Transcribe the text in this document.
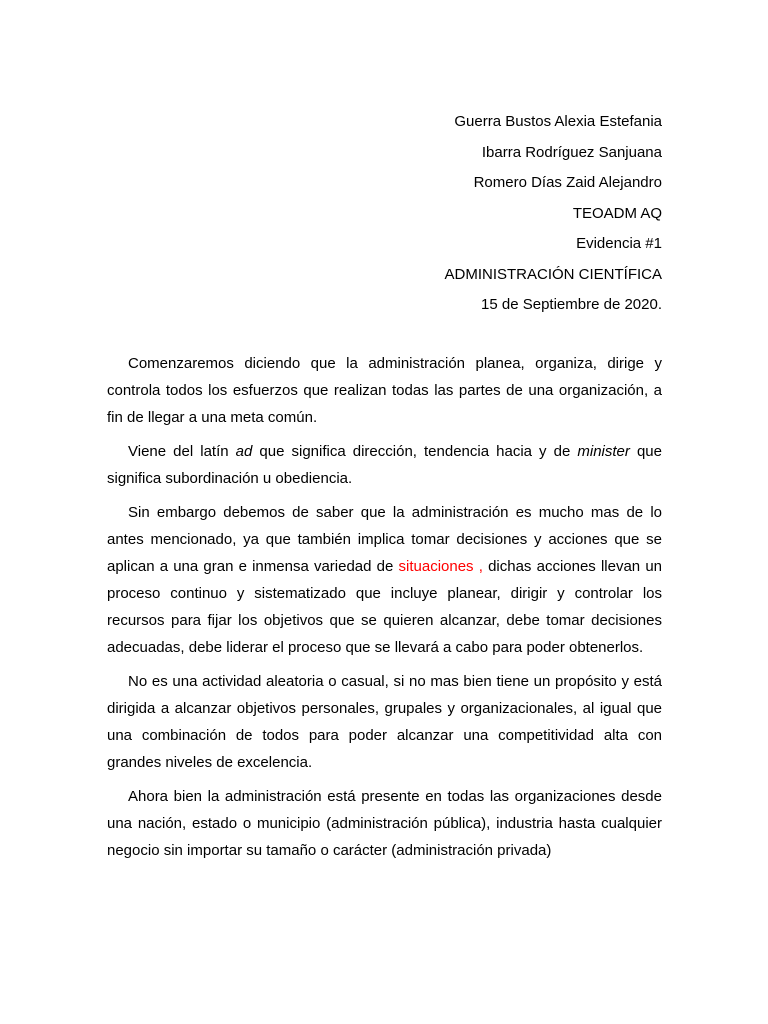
Guerra Bustos Alexia Estefania
Ibarra Rodríguez Sanjuana
Romero Días Zaid Alejandro
TEOADM AQ
Evidencia #1
ADMINISTRACIÓN CIENTÍFICA
15 de Septiembre de 2020.

Comenzaremos diciendo que la administración planea, organiza, dirige y controla todos los esfuerzos que realizan todas las partes de una organización, a fin de llegar a una meta común.

Viene del latín ad que significa dirección, tendencia hacia y de minister que significa subordinación u obediencia.

Sin embargo debemos de saber que la administración es mucho mas de lo antes mencionado, ya que también implica tomar decisiones y acciones que se aplican a una gran e inmensa variedad de situaciones , dichas acciones llevan un proceso continuo y sistematizado que incluye planear, dirigir y controlar los recursos para fijar los objetivos que se quieren alcanzar, debe tomar decisiones adecuadas, debe liderar el proceso que se llevará a cabo para poder obtenerlos.

No es una actividad aleatoria o casual, si no mas bien tiene un propósito y está dirigida a alcanzar objetivos personales, grupales y organizacionales, al igual que una combinación de todos para poder alcanzar una competitividad alta con grandes niveles de excelencia.

Ahora bien la administración está presente en todas las organizaciones desde una nación, estado o municipio (administración pública), industria hasta cualquier negocio sin importar su tamaño o carácter (administración privada)
